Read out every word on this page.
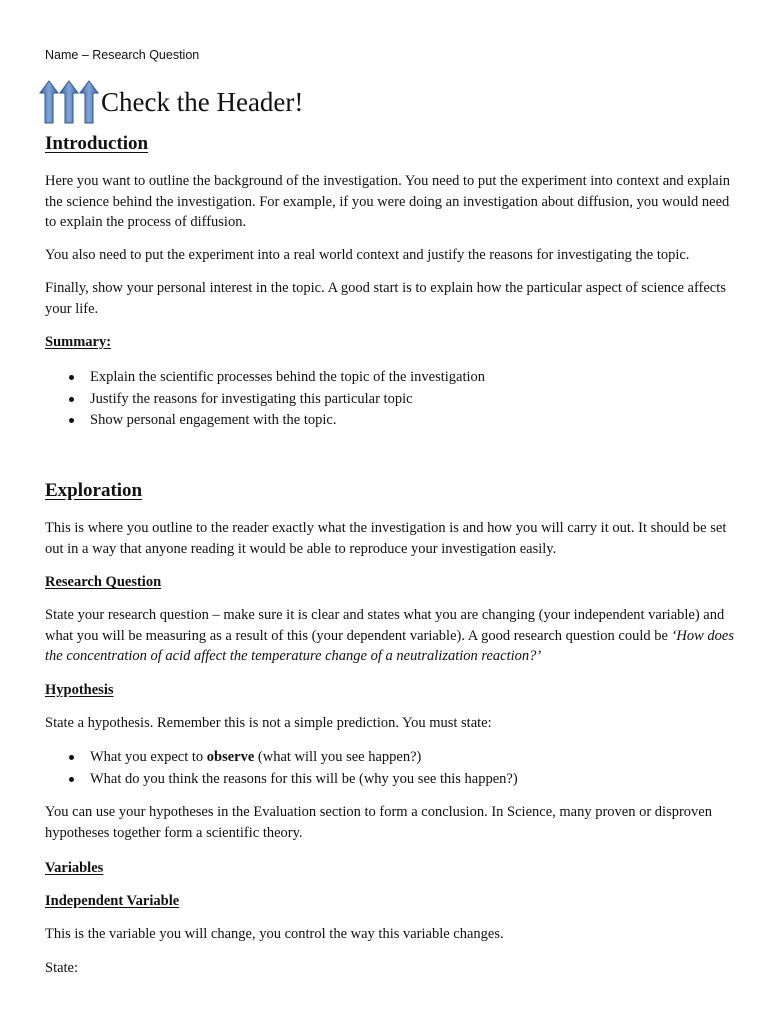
Name – Research Question
Check the Header!
Introduction

Here you want to outline the background of the investigation. You need to put the experiment into context and explain the science behind the investigation. For example, if you were doing an investigation about diffusion, you would need to explain the process of diffusion.

You also need to put the experiment into a real world context and justify the reasons for investigating the topic.

Finally, show your personal interest in the topic. A good start is to explain how the particular aspect of science affects your life.

Summary:
Explain the scientific processes behind the topic of the investigation
Justify the reasons for investigating this particular topic
Show personal engagement with the topic.
Exploration

This is where you outline to the reader exactly what the investigation is and how you will carry it out. It should be set out in a way that anyone reading it would be able to reproduce your investigation easily.

Research Question

State your research question – make sure it is clear and states what you are changing (your independent variable) and what you will be measuring as a result of this (your dependent variable). A good research question could be ‘How does the concentration of acid affect the temperature change of a neutralization reaction?’

Hypothesis

State a hypothesis. Remember this is not a simple prediction. You must state:

What you expect to observe (what will you see happen?)
What do you think the reasons for this will be (why you see this happen?)

You can use your hypotheses in the Evaluation section to form a conclusion. In Science, many proven or disproven hypotheses together form a scientific theory.

Variables
Independent Variable

This is the variable you will change, you control the way this variable changes.

State:
